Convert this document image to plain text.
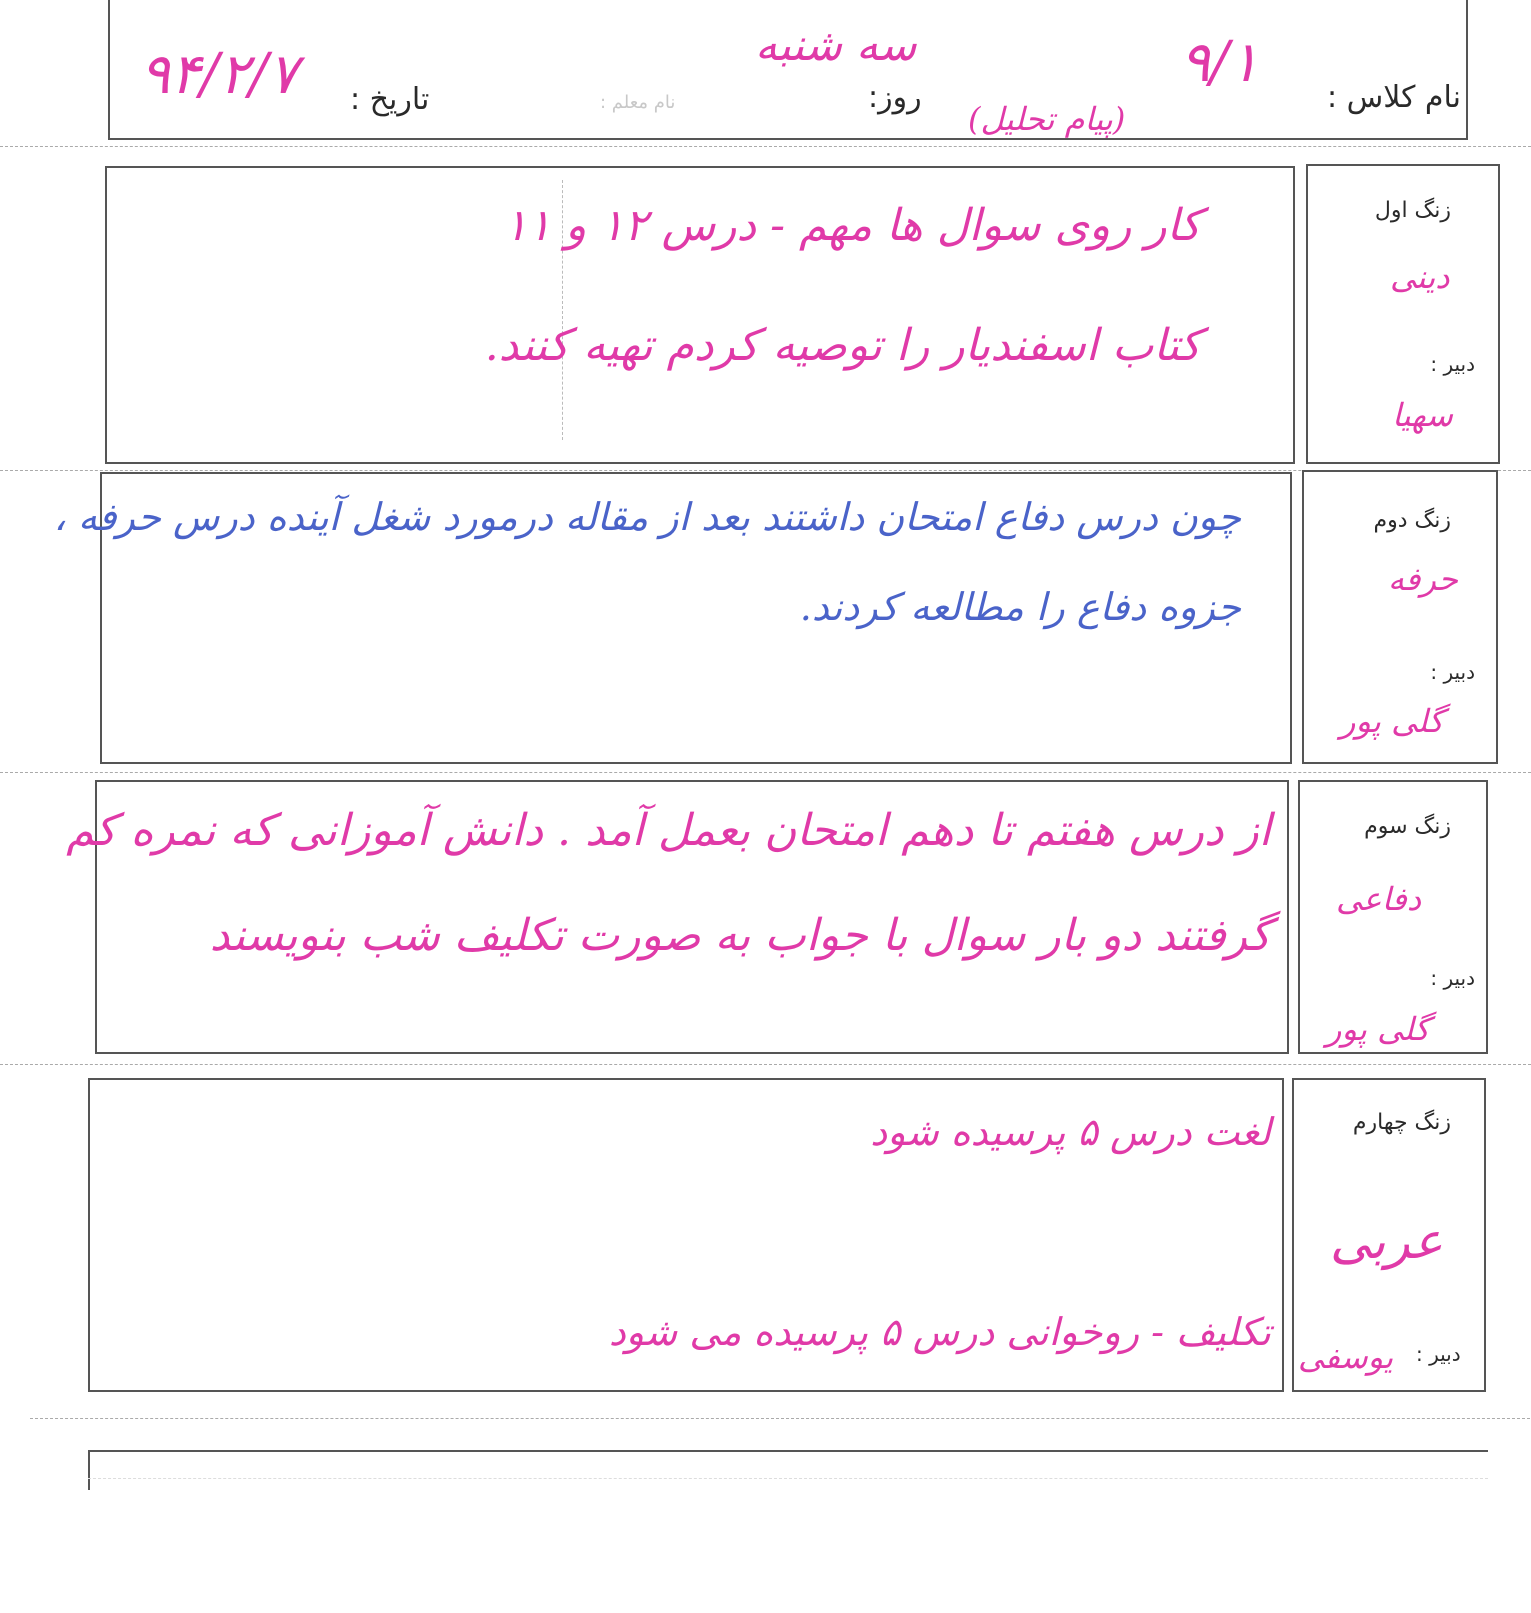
نام کلاس :
۹/۱
روز:
سه شنبه
(پیام تحلیل)
نام معلم :
تاریخ :
۹۴/۲/۷
زنگ اول
دینی
دبیر :
سهیا
کار روی سوال ها مهم - درس ۱۲ و ۱۱
کتاب اسفندیار را توصیه کردم تهیه کنند.
زنگ دوم
حرفه
دبیر :
گلی پور
چون درس دفاع امتحان داشتند بعد از مقاله درمورد شغل آینده درس حرفه ،
جزوه دفاع را مطالعه کردند.
زنگ سوم
دفاعی
دبیر :
گلی پور
از درس هفتم تا دهم امتحان بعمل آمد . دانش آموزانی که نمره کم
گرفتند دو بار سوال با جواب به صورت تکلیف شب بنویسند
زنگ چهارم
عربی
دبیر :
یوسفی
لغت درس ۵ پرسیده شود
تکلیف - روخوانی درس ۵ پرسیده می شود
